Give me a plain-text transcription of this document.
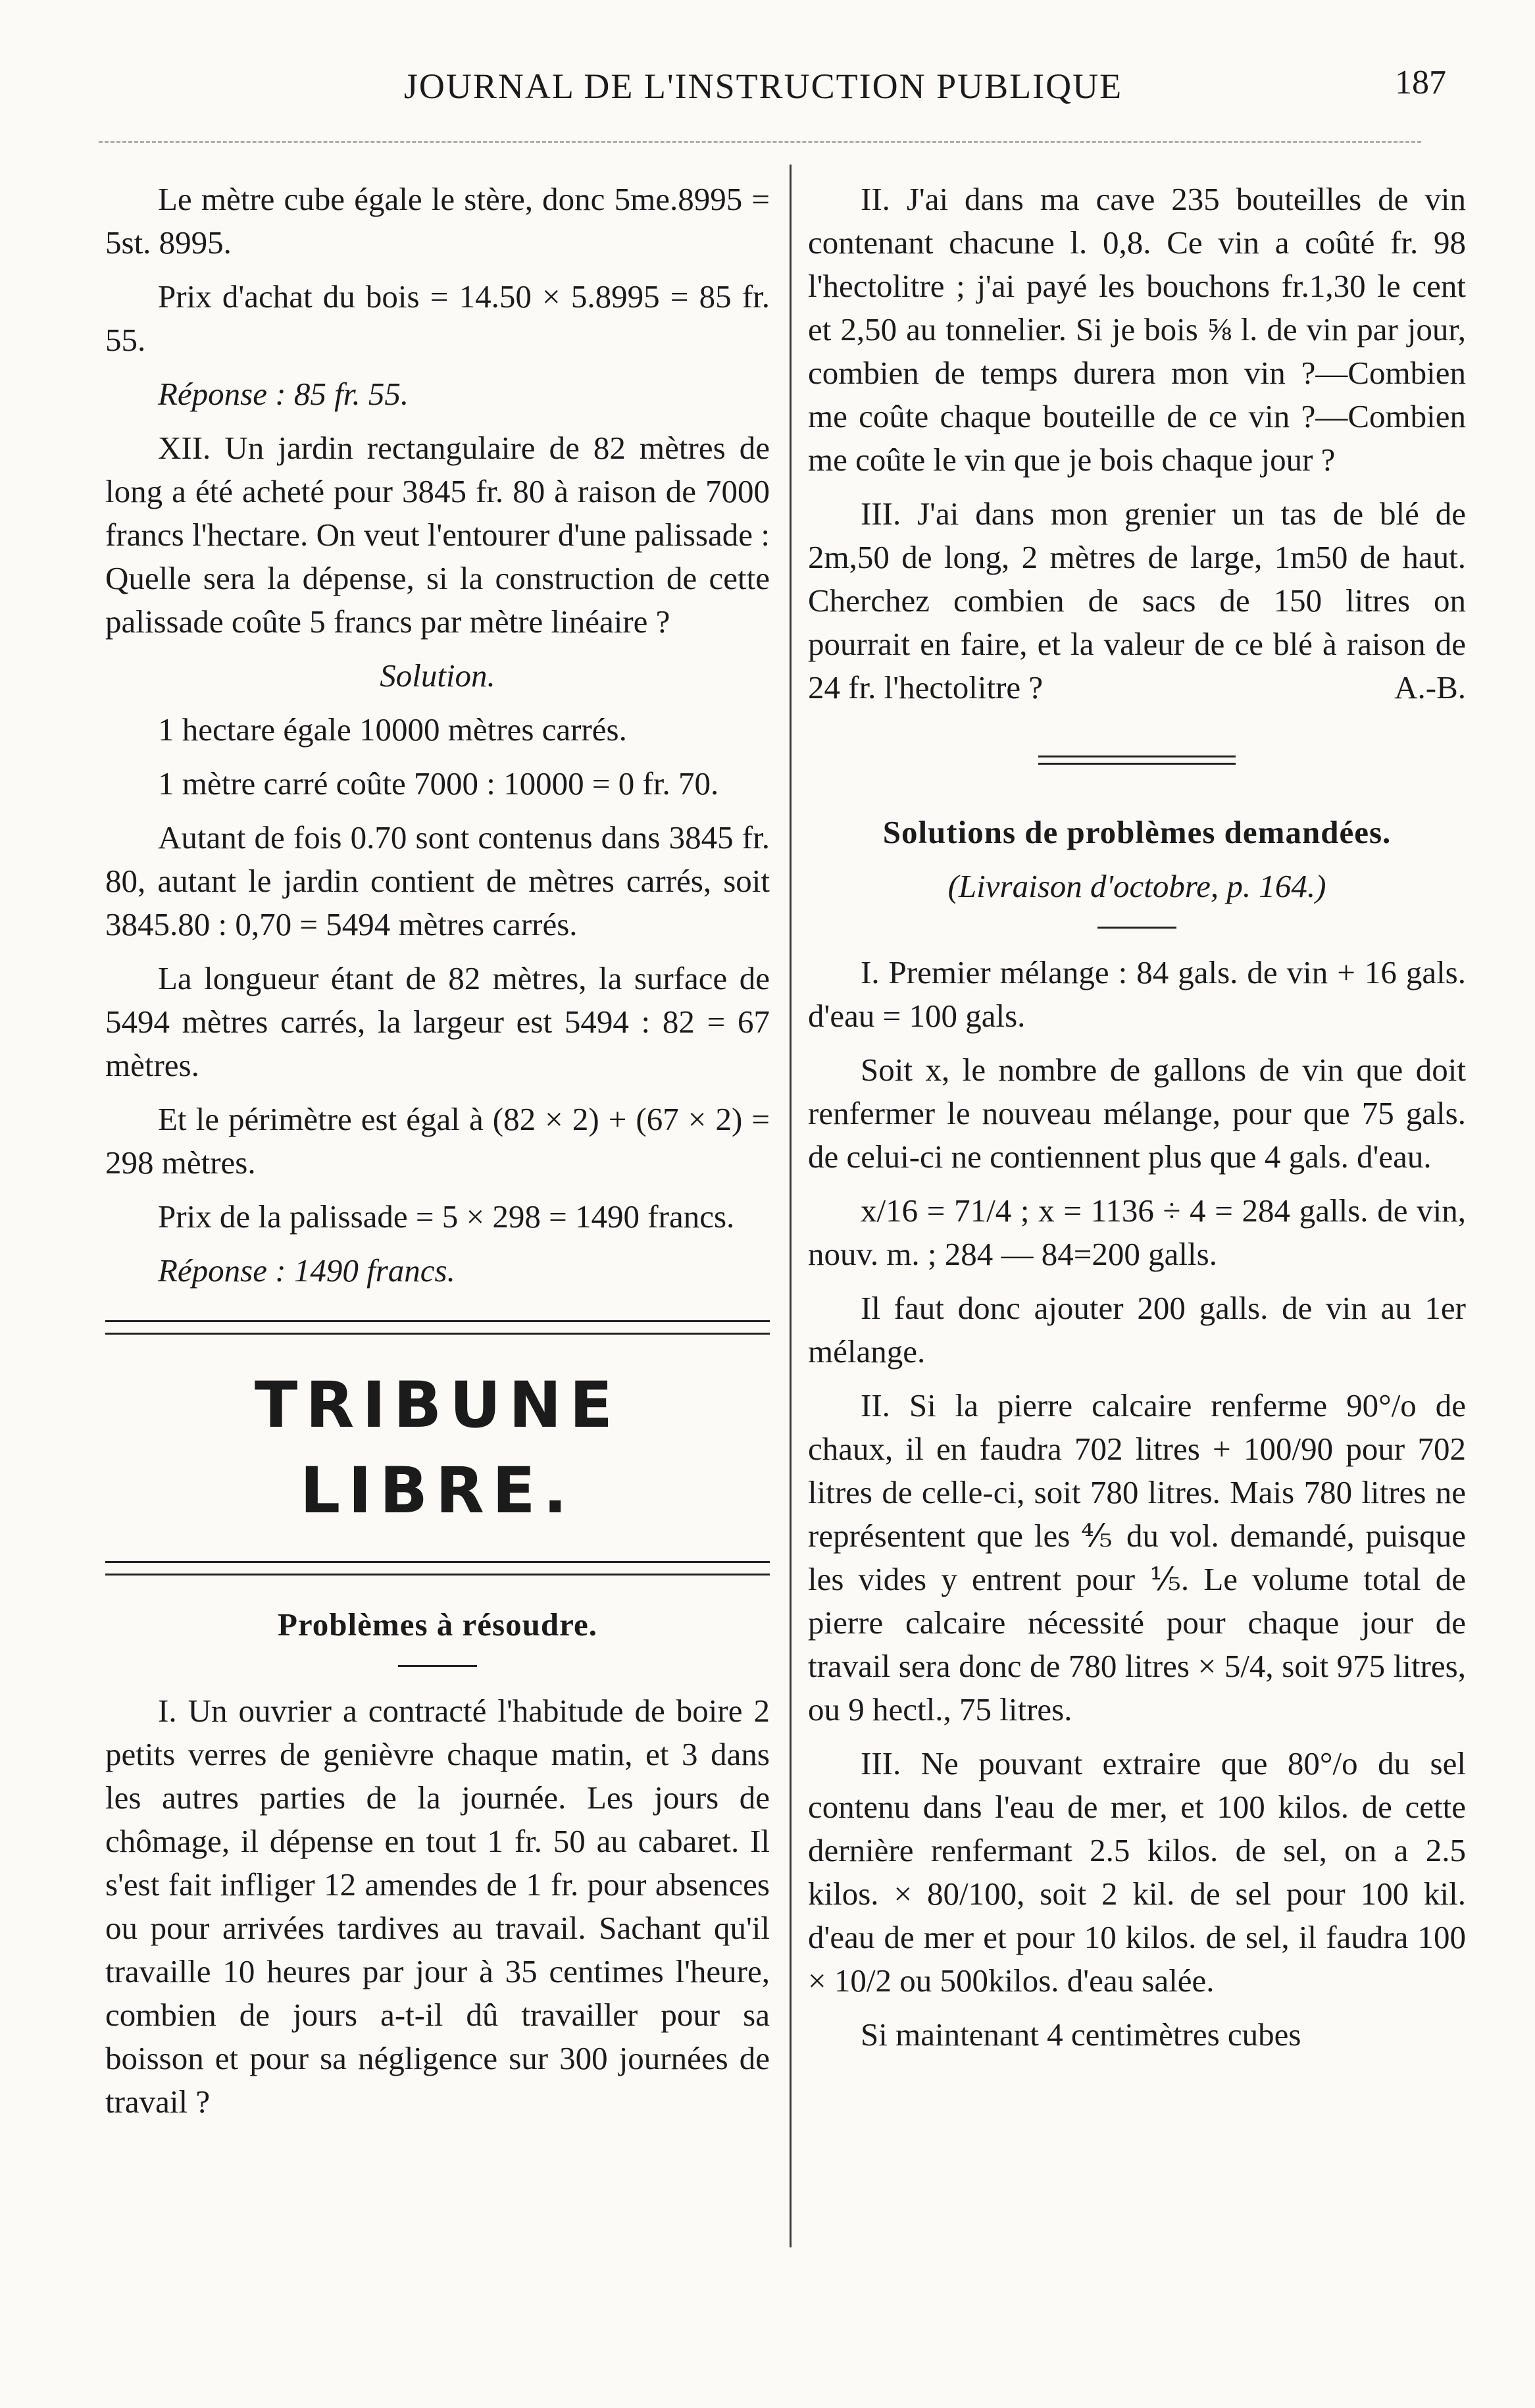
JOURNAL DE L'INSTRUCTION PUBLIQUE	187

Le mètre cube égale le stère, donc 5me.8995 = 5st. 8995.

Prix d'achat du bois = 14.50 × 5.8995 = 85 fr. 55.

Réponse : 85 fr. 55.

XII. Un jardin rectangulaire de 82 mètres de long a été acheté pour 3845 fr. 80 à raison de 7000 francs l'hectare. On veut l'entourer d'une palissade : Quelle sera la dépense, si la construction de cette palissade coûte 5 francs par mètre linéaire ?

Solution.

1 hectare égale 10000 mètres carrés.

1 mètre carré coûte 7000 : 10000 = 0 fr. 70.

Autant de fois 0.70 sont contenus dans 3845 fr. 80, autant le jardin contient de mètres carrés, soit 3845.80 : 0,70 = 5494 mètres carrés.

La longueur étant de 82 mètres, la surface de 5494 mètres carrés, la largeur est 5494 : 82 = 67 mètres.

Et le périmètre est égal à (82 × 2) + (67 × 2) = 298 mètres.

Prix de la palissade = 5 × 298 = 1490 francs.

Réponse : 1490 francs.

TRIBUNE LIBRE.

Problèmes à résoudre.

I. Un ouvrier a contracté l'habitude de boire 2 petits verres de genièvre chaque matin, et 3 dans les autres parties de la journée. Les jours de chômage, il dépense en tout 1 fr. 50 au cabaret. Il s'est fait infliger 12 amendes de 1 fr. pour absences ou pour arrivées tardives au travail. Sachant qu'il travaille 10 heures par jour à 35 centimes l'heure, combien de jours a-t-il dû travailler pour sa boisson et pour sa négligence sur 300 journées de travail ?

II. J'ai dans ma cave 235 bouteilles de vin contenant chacune l. 0,8. Ce vin a coûté fr. 98 l'hectolitre ; j'ai payé les bouchons fr.1,30 le cent et 2,50 au tonnelier. Si je bois ⅝ l. de vin par jour, combien de temps durera mon vin ?—Combien me coûte chaque bouteille de ce vin ?—Combien me coûte le vin que je bois chaque jour ?

III. J'ai dans mon grenier un tas de blé de 2m,50 de long, 2 mètres de large, 1m50 de haut. Cherchez combien de sacs de 150 litres on pourrait en faire, et la valeur de ce blé à raison de 24 fr. l'hectolitre ?	A.-B.

Solutions de problèmes demandées.

(Livraison d'octobre, p. 164.)

I. Premier mélange : 84 gals. de vin + 16 gals. d'eau = 100 gals.

Soit x, le nombre de gallons de vin que doit renfermer le nouveau mélange, pour que 75 gals. de celui-ci ne contiennent plus que 4 gals. d'eau.

x/16 = 71/4 ; x = 1136 ÷ 4 = 284 galls. de vin, nouv. m. ; 284 — 84=200 galls.

Il faut donc ajouter 200 galls. de vin au 1er mélange.

II. Si la pierre calcaire renferme 90°/o de chaux, il en faudra 702 litres + 100/90 pour 702 litres de celle-ci, soit 780 litres. Mais 780 litres ne représentent que les ⅘ du vol. demandé, puisque les vides y entrent pour ⅕. Le volume total de pierre calcaire nécessité pour chaque jour de travail sera donc de 780 litres × 5/4, soit 975 litres, ou 9 hectl., 75 litres.

III. Ne pouvant extraire que 80°/o du sel contenu dans l'eau de mer, et 100 kilos. de cette dernière renfermant 2.5 kilos. de sel, on a 2.5 kilos. × 80/100, soit 2 kil. de sel pour 100 kil. d'eau de mer et pour 10 kilos. de sel, il faudra 100 × 10/2 ou 500kilos. d'eau salée.

Si maintenant 4 centimètres cubes
